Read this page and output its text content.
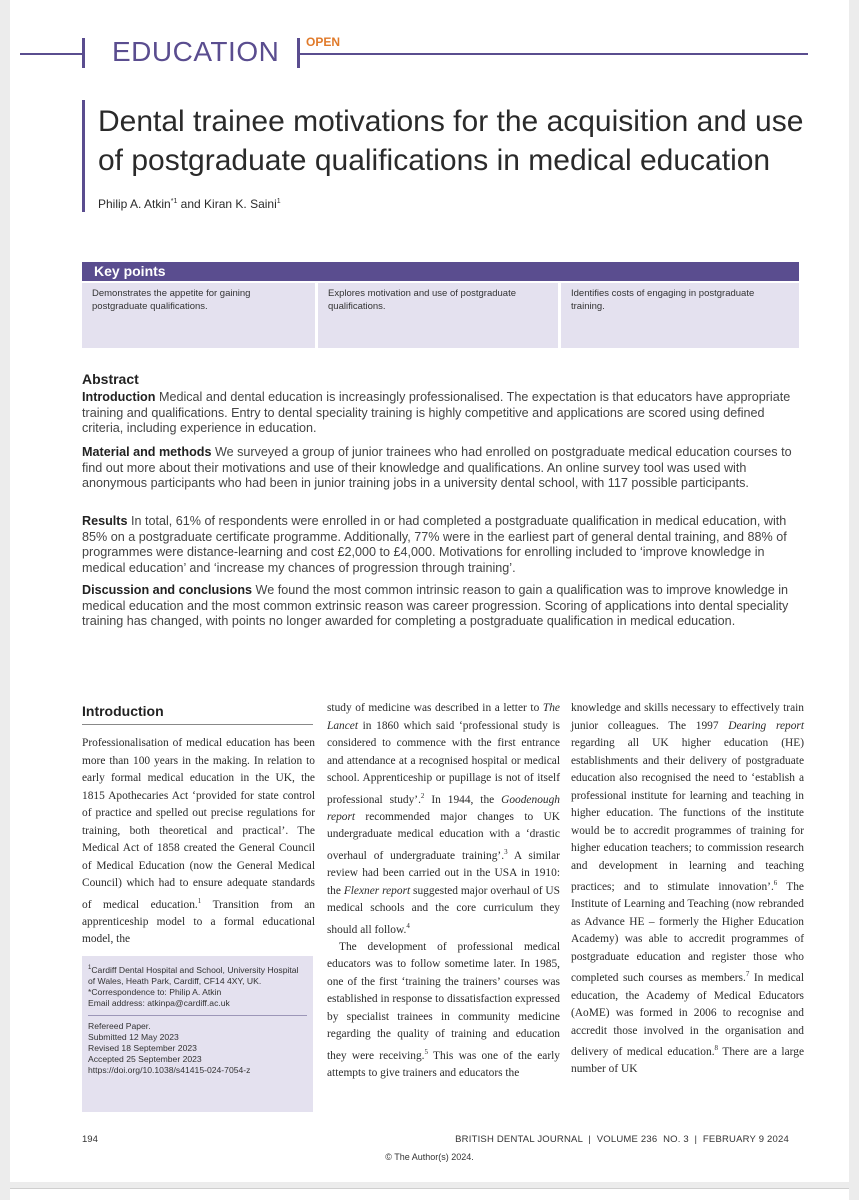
EDUCATION OPEN
Dental trainee motivations for the acquisition and use of postgraduate qualifications in medical education
Philip A. Atkin$^{*1}$ and Kiran K. Saini$^1$
Key points
Demonstrates the appetite for gaining postgraduate qualifications.
Explores motivation and use of postgraduate qualifications.
Identifies costs of engaging in postgraduate training.
Abstract

Introduction Medical and dental education is increasingly professionalised. The expectation is that educators have appropriate training and qualifications. Entry to dental speciality training is highly competitive and applications are scored using defined criteria, including experience in education.

Material and methods We surveyed a group of junior trainees who had enrolled on postgraduate medical education courses to find out more about their motivations and use of their knowledge and qualifications. An online survey tool was used with anonymous participants who had been in junior training jobs in a university dental school, with 117 possible participants.

Results In total, 61% of respondents were enrolled in or had completed a postgraduate qualification in medical education, with 85% on a postgraduate certificate programme. Additionally, 77% were in the earliest part of general dental training, and 88% of programmes were distance-learning and cost £2,000 to £4,000. Motivations for enrolling included to ‘improve knowledge in medical education’ and ‘increase my chances of progression through training’.

Discussion and conclusions We found the most common intrinsic reason to gain a qualification was to improve knowledge in medical education and the most common extrinsic reason was career progression. Scoring of applications into dental speciality training has changed, with points no longer awarded for completing a postgraduate qualification in medical education.

Introduction

Professionalisation of medical education has been more than 100 years in the making. In relation to early formal medical education in the UK, the 1815 Apothecaries Act ‘provided for state control of practice and spelled out precise regulations for training, both theoretical and practical’. The Medical Act of 1858 created the General Council of Medical Education (now the General Medical Council) which had to ensure adequate standards of medical education.$^1$ Transition from an apprenticeship model to a formal educational model, the

$^1$Cardiff Dental Hospital and School, University Hospital of Wales, Heath Park, Cardiff, CF14 4XY, UK.
*Correspondence to: Philip A. Atkin
Email address: atkinpa@cardiff.ac.uk
Refereed Paper.
Submitted 12 May 2023
Revised 18 September 2023
Accepted 25 September 2023
https://doi.org/10.1038/s41415-024-7054-z

study of medicine was described in a letter to The Lancet in 1860 which said ‘professional study is considered to commence with the first entrance and attendance at a recognised hospital or medical school. Apprenticeship or pupillage is not of itself professional study’.$^2$ In 1944, the Goodenough report recommended major changes to UK undergraduate medical education with a ‘drastic overhaul of undergraduate training’.$^3$ A similar review had been carried out in the USA in 1910: the Flexner report suggested major overhaul of US medical schools and the core curriculum they should all follow.$^4$

The development of professional medical educators was to follow sometime later. In 1985, one of the first ‘training the trainers’ courses was established in response to dissatisfaction expressed by specialist trainees in community medicine regarding the quality of training and education they were receiving.$^5$ This was one of the early attempts to give trainers and educators the

knowledge and skills necessary to effectively train junior colleagues. The 1997 Dearing report regarding all UK higher education (HE) establishments and their delivery of postgraduate education also recognised the need to ‘establish a professional institute for learning and teaching in higher education. The functions of the institute would be to accredit programmes of training for higher education teachers; to commission research and development in learning and teaching practices; and to stimulate innovation’.$^6$ The Institute of Learning and Teaching (now rebranded as Advance HE – formerly the Higher Education Academy) was able to accredit programmes of postgraduate education and register those who completed such courses as members.$^7$ In medical education, the Academy of Medical Educators (AoME) was formed in 2006 to recognise and accredit those involved in the organisation and delivery of medical education.$^8$ There are a large number of UK

194	BRITISH DENTAL JOURNAL  |  VOLUME 236 NO. 3  |  FEBRUARY 9 2024
© The Author(s) 2024.
